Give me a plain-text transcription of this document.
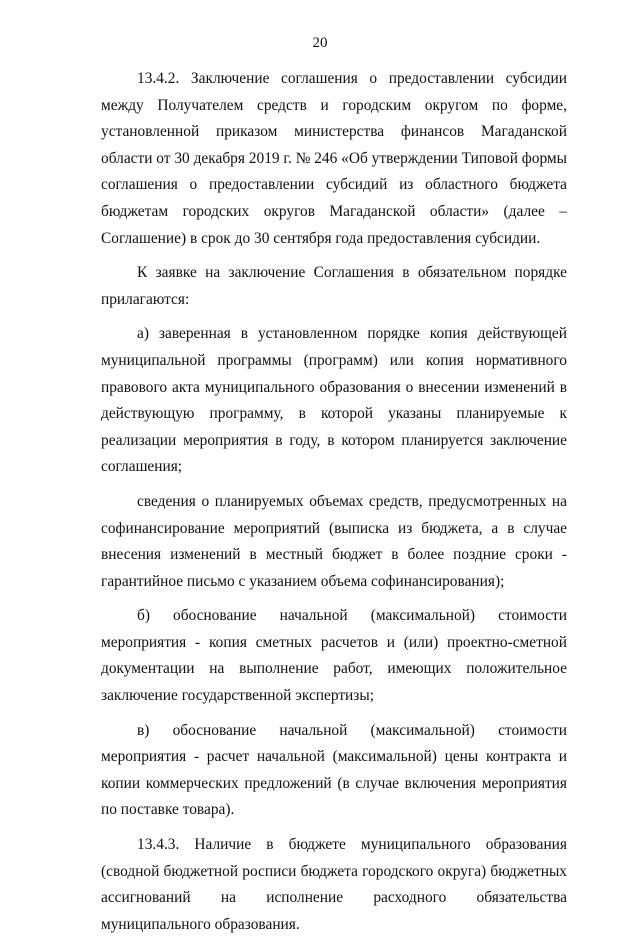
20

13.4.2. Заключение соглашения о предоставлении субсидии между Получателем средств и городским округом по форме, установленной приказом министерства финансов Магаданской области от 30 декабря 2019 г. № 246 «Об утверждении Типовой формы соглашения о предоставлении субсидий из областного бюджета бюджетам городских округов Магаданской области» (далее – Соглашение) в срок до 30 сентября года предоставления субсидии.

К заявке на заключение Соглашения в обязательном порядке прилагаются:

а) заверенная в установленном порядке копия действующей муниципальной программы (программ) или копия нормативного правового акта муниципального образования о внесении изменений в действующую программу, в которой указаны планируемые к реализации мероприятия в году, в котором планируется заключение соглашения;

сведения о планируемых объемах средств, предусмотренных на софинансирование мероприятий (выписка из бюджета, а в случае внесения изменений в местный бюджет в более поздние сроки - гарантийное письмо с указанием объема софинансирования);

б) обоснование начальной (максимальной) стоимости мероприятия - копия сметных расчетов и (или) проектно-сметной документации на выполнение работ, имеющих положительное заключение государственной экспертизы;

в) обоснование начальной (максимальной) стоимости мероприятия - расчет начальной (максимальной) цены контракта и копии коммерческих предложений (в случае включения мероприятия по поставке товара).

13.4.3. Наличие в бюджете муниципального образования (сводной бюджетной росписи бюджета городского округа) бюджетных ассигнований на исполнение расходного обязательства муниципального образования.
